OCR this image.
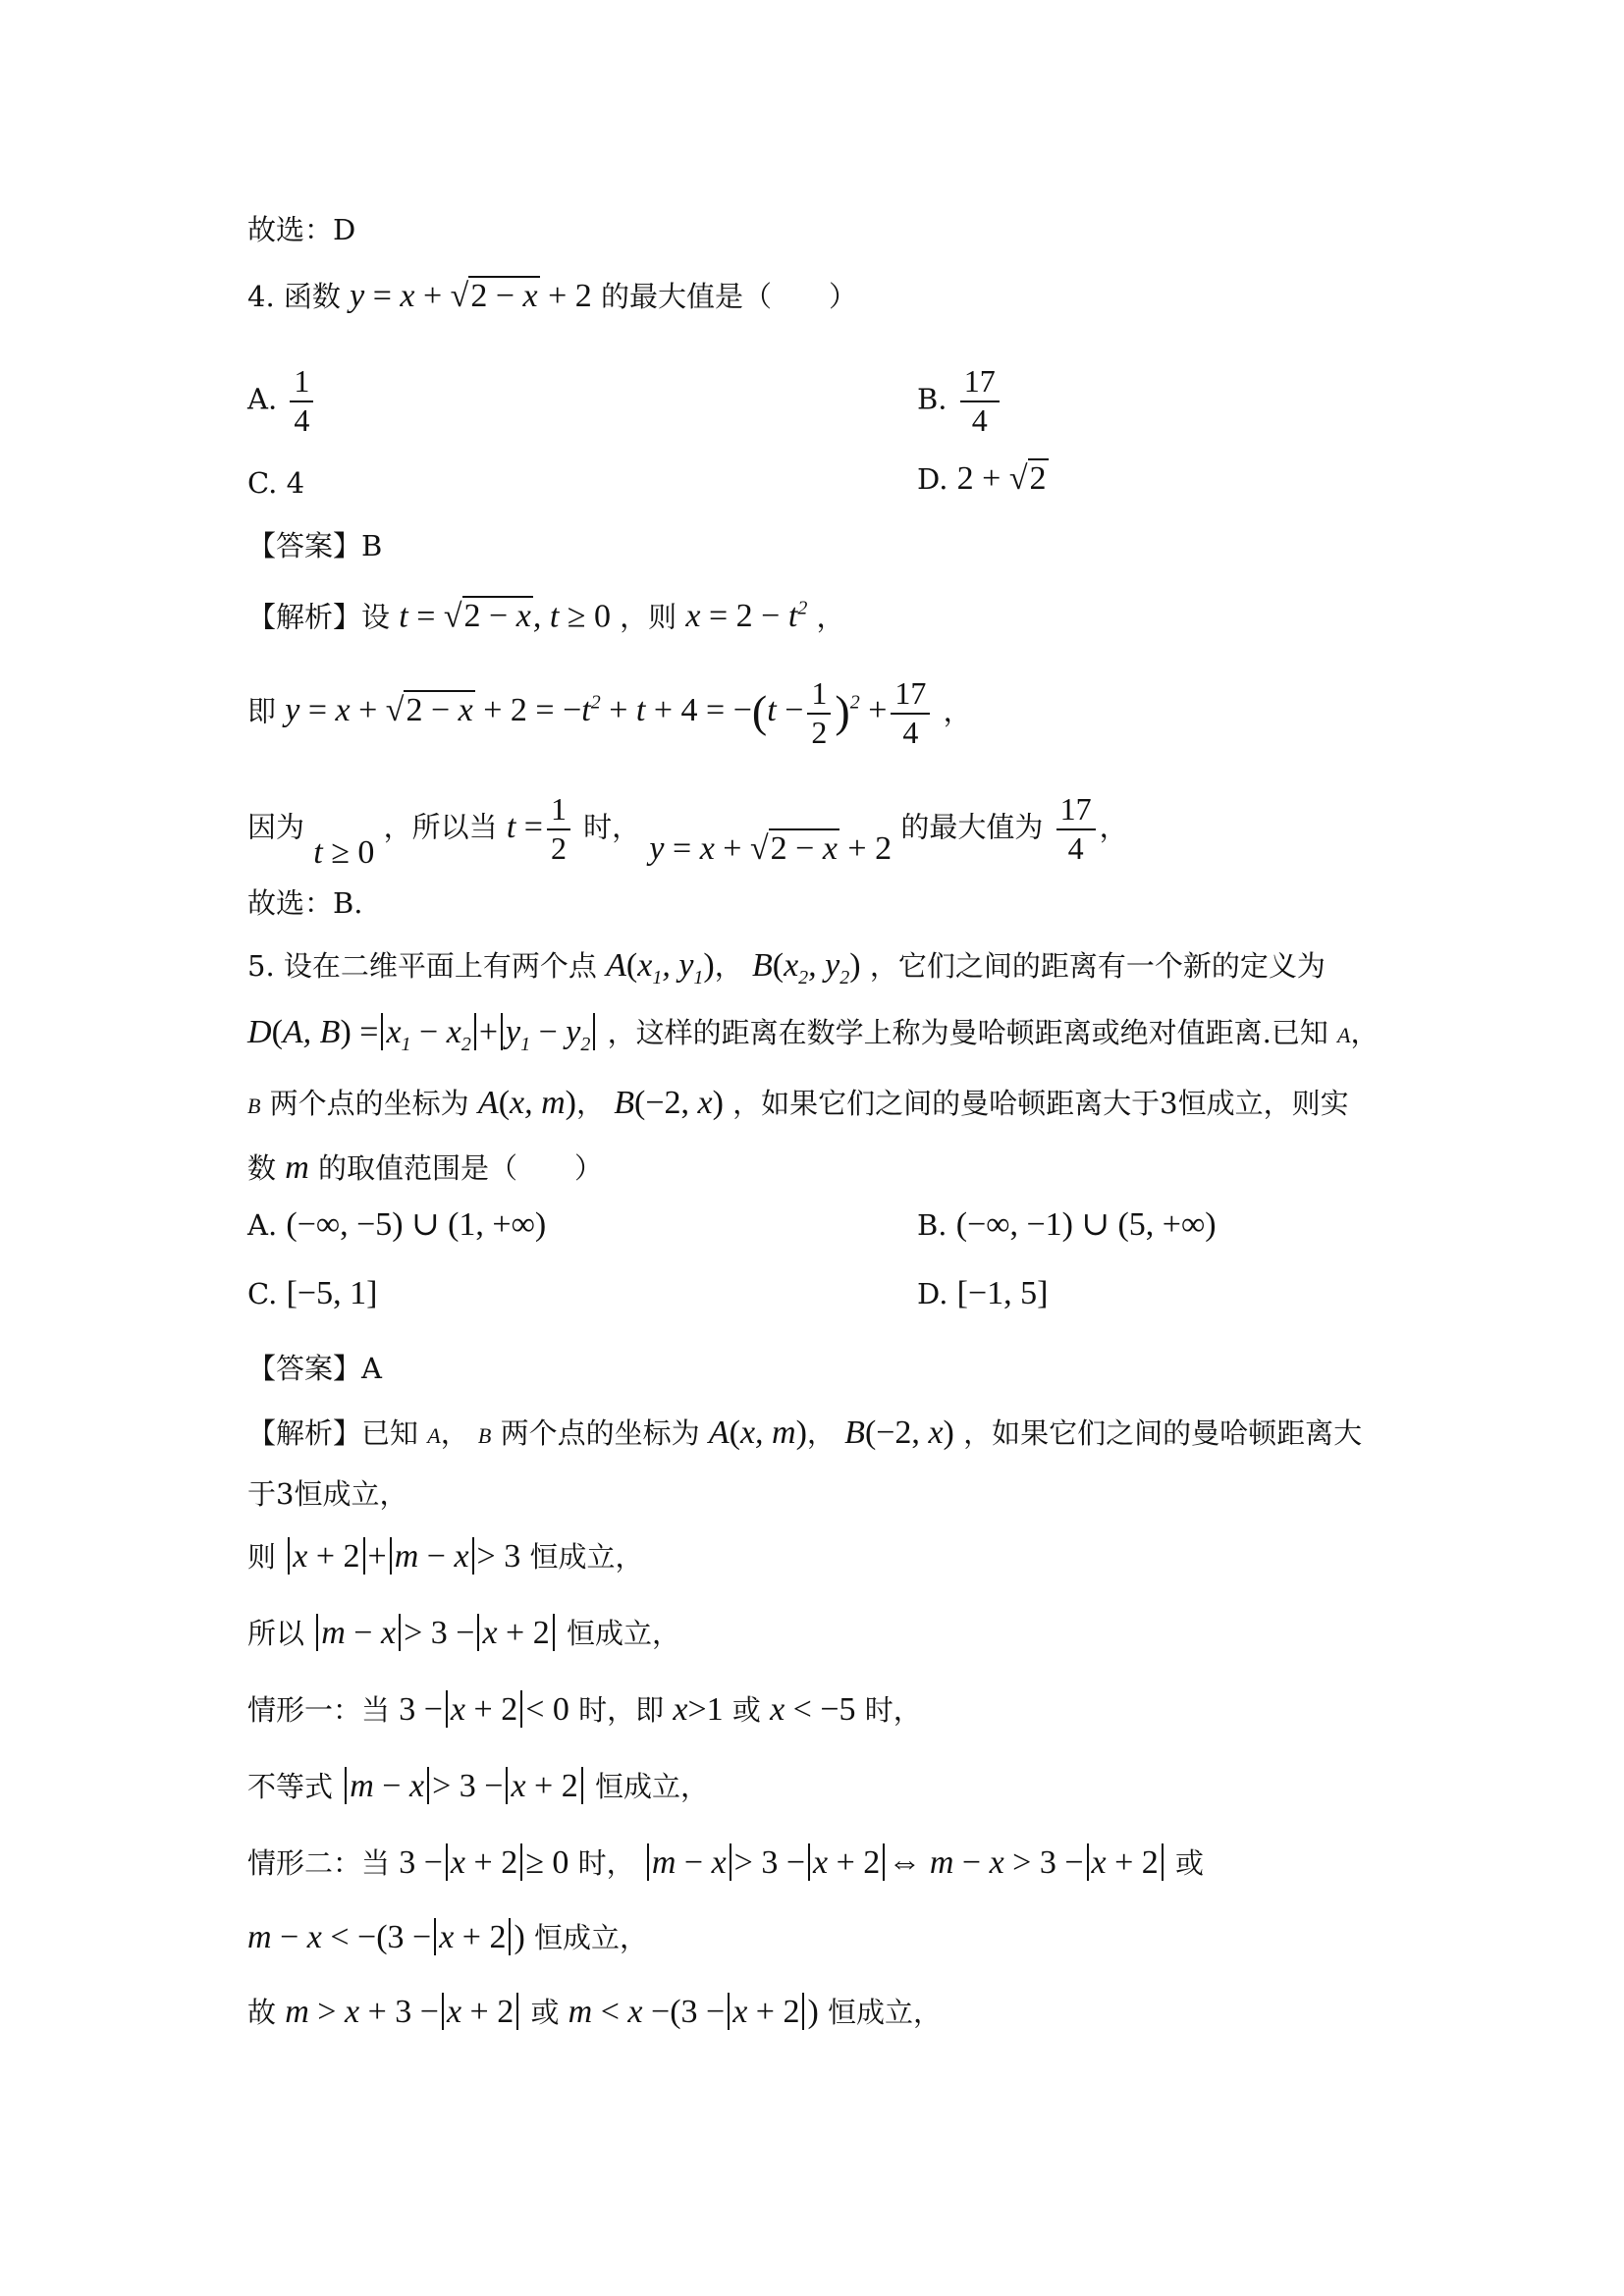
故选：D
4. 函数 y = x + √2 − x + 2 的最大值是（　　）
A. $\frac{1}{4}$	B. $\frac{17}{4}$
C. 4	D. 2 + √2
【答案】B
【解析】设 t = √2 − x, t ≥ 0 ，则 $x = 2 - t^2$ ，
即 $y = x + √2 - x + 2 = -t^2 + t + 4 = -(t - \frac{1}{2} )^2 + \frac{17}{4}$ ，
因为 t ≥ 0 ，所以当 $t = \frac{1}{2}$ 时， y = x + √2 − x + 2 的最大值为 $\frac{17}{4}$ ，
故选：B.
5. 设在二维平面上有两个点 $A(x_1$, $y_1$)， $B(x_2$, $y_2$) ，它们之间的距离有一个新的定义为
D(A, $B) = x_1 - x_2 + y_1 - y_2$ ，这样的距离在数学上称为曼哈顿距离或绝对值距离.已知 A，
B 两个点的坐标为 A(x, m)， B(−2, x) ，如果它们之间的曼哈顿距离大于3恒成立，则实
数 m 的取值范围是（　　）
A. (−∞, −5) ∪ (1, +∞)	B. (−∞, −1) ∪ (5, +∞)
C. [−5, 1]	D. [−1, 5]
【答案】A
【解析】已知 A， B 两个点的坐标为 A(x, m)， B(−2, x) ，如果它们之间的曼哈顿距离大
于3恒成立，
则 x + 2 + m − x > 3 恒成立，
所以 m − x > 3 − x + 2 恒成立，
情形一：当 3 − x + 2 < 0 时，即 x>1 或 x < −5 时，
不等式 m − x > 3 − x + 2 恒成立，
情形二：当 3 − x + 2 ≥ 0 时， m − x > 3 − x + 2 ⇔ m − x > 3 − x + 2 或
m − x < −(3 − x + 2 ) 恒成立，
故 m > x + 3 − x + 2 或 m < x −(3 − x + 2 ) 恒成立，
